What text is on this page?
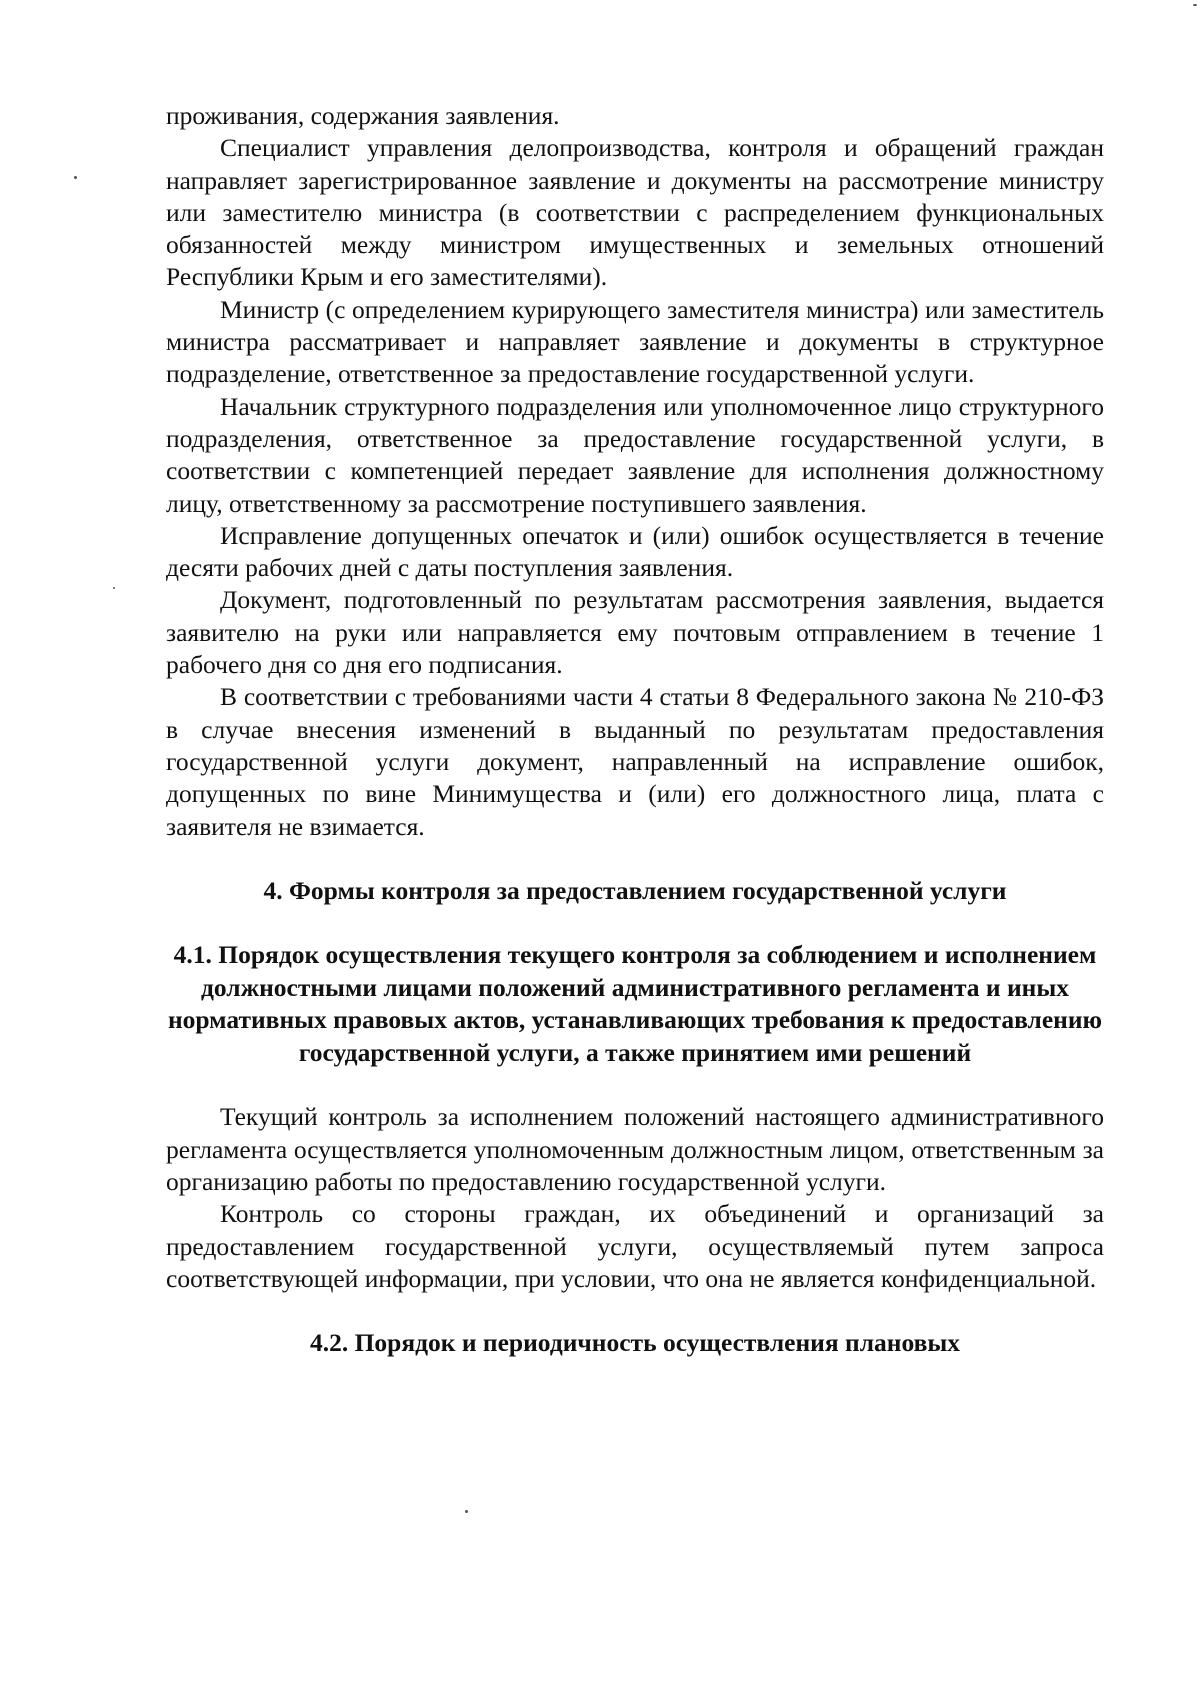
проживания, содержания заявления.

Специалист управления делопроизводства, контроля и обращений граждан направляет зарегистрированное заявление и документы на рассмотрение министру или заместителю министра (в соответствии с распределением функциональных обязанностей между министром имущественных и земельных отношений Республики Крым и его заместителями).

Министр (с определением курирующего заместителя министра) или заместитель министра рассматривает и направляет заявление и документы в структурное подразделение, ответственное за предоставление государственной услуги.

Начальник структурного подразделения или уполномоченное лицо структурного подразделения, ответственное за предоставление государственной услуги, в соответствии с компетенцией передает заявление для исполнения должностному лицу, ответственному за рассмотрение поступившего заявления.

Исправление допущенных опечаток и (или) ошибок осуществляется в течение десяти рабочих дней с даты поступления заявления.

Документ, подготовленный по результатам рассмотрения заявления, выдается заявителю на руки или направляется ему почтовым отправлением в течение 1 рабочего дня со дня его подписания.

В соответствии с требованиями части 4 статьи 8 Федерального закона № 210-ФЗ в случае внесения изменений в выданный по результатам предоставления государственной услуги документ, направленный на исправление ошибок, допущенных по вине Минимущества и (или) его должностного лица, плата с заявителя не взимается.

4. Формы контроля за предоставлением государственной услуги
4.1. Порядок осуществления текущего контроля за соблюдением и исполнением должностными лицами положений административного регламента и иных нормативных правовых актов, устанавливающих требования к предоставлению государственной услуги, а также принятием ими решений

Текущий контроль за исполнением положений настоящего административного регламента осуществляется уполномоченным должностным лицом, ответственным за организацию работы по предоставлению государственной услуги.

Контроль со стороны граждан, их объединений и организаций за предоставлением государственной услуги, осуществляемый путем запроса соответствующей информации, при условии, что она не является конфиденциальной.

4.2. Порядок и периодичность осуществления плановых
